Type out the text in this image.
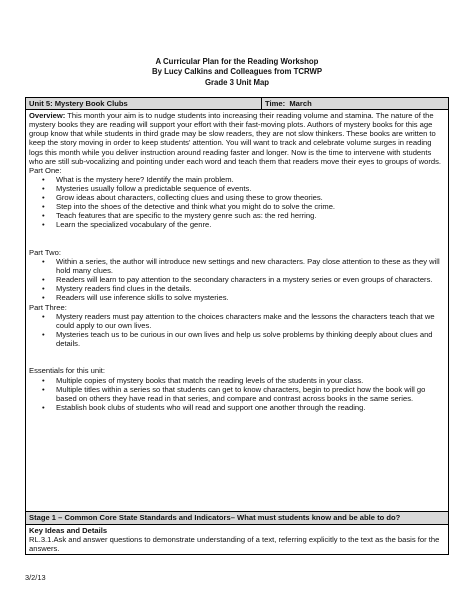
A Curricular Plan for the Reading Workshop
By Lucy Calkins and Colleagues from TCRWP
Grade 3 Unit Map
Unit 5: Mystery Book Clubs	Time: March

Overview: This month your aim is to nudge students into increasing their reading volume and stamina. The nature of the mystery books they are reading will support your effort with their fast-moving plots. Authors of mystery books for this age group know that while students in third grade may be slow readers, they are not slow thinkers. These books are written to keep the story moving in order to keep students' attention. You will want to track and celebrate volume surges in reading logs this month while you deliver instruction around reading faster and longer. Now is the time to intervene with students who are still sub-vocalizing and pointing under each word and teach them that readers move their eyes to groups of words.
Part One:
• What is the mystery here? Identify the main problem.
• Mysteries usually follow a predictable sequence of events.
• Grow ideas about characters, collecting clues and using these to grow theories.
• Step into the shoes of the detective and think what you might do to solve the crime.
• Teach features that are specific to the mystery genre such as: the red herring.
• Learn the specialized vocabulary of the genre.
Part Two:
• Within a series, the author will introduce new settings and new characters. Pay close attention to these as they will hold many clues.
• Readers will learn to pay attention to the secondary characters in a mystery series or even groups of characters.
• Mystery readers find clues in the details.
• Readers will use inference skills to solve mysteries.
Part Three:
• Mystery readers must pay attention to the choices characters make and the lessons the characters teach that we could apply to our own lives.
• Mysteries teach us to be curious in our own lives and help us solve problems by thinking deeply about clues and details.
Essentials for this unit:
• Multiple copies of mystery books that match the reading levels of the students in your class.
• Multiple titles within a series so that students can get to know characters, begin to predict how the book will go based on others they have read in that series, and compare and contrast across books in the same series.
• Establish book clubs of students who will read and support one another through the reading.

Stage 1 – Common Core State Standards and Indicators– What must students know and be able to do?

Key Ideas and Details
RL.3.1.Ask and answer questions to demonstrate understanding of a text, referring explicitly to the text as the basis for the answers.
3/2/13
